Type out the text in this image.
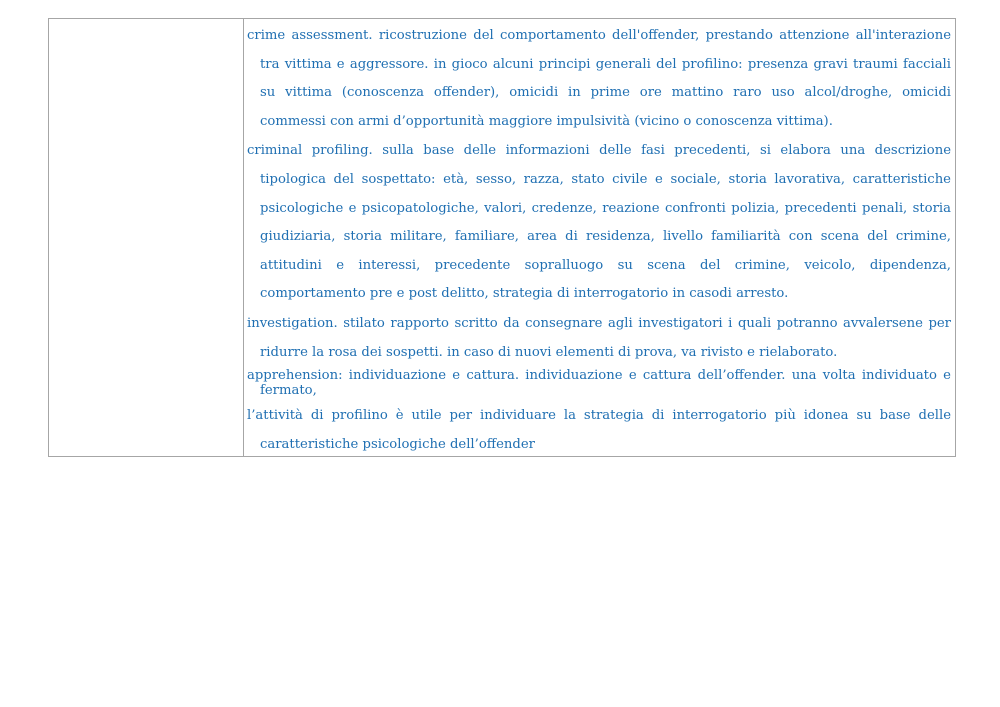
crime assessment. ricostruzione del comportamento dell'offender, prestando attenzione all'interazione tra vittima e aggressore. in gioco alcuni principi generali del profilino: presenza gravi traumi facciali su vittima (conoscenza offender), omicidi in prime ore mattino raro uso alcol/droghe, omicidi commessi con armi d’opportunità maggiore impulsività (vicino o conoscenza vittima).

criminal profiling. sulla base delle informazioni delle fasi precedenti, si elabora una descrizione tipologica del sospettato: età, sesso, razza, stato civile e sociale, storia lavorativa, caratteristiche psicologiche e psicopatologiche, valori, credenze, reazione confronti polizia, precedenti penali, storia giudiziaria, storia militare, familiare, area di residenza, livello familiarità con scena del crimine, attitudini e interessi, precedente sopralluogo su scena del crimine, veicolo, dipendenza, comportamento pre e post delitto, strategia di interrogatorio in casodi arresto.

investigation. stilato rapporto scritto da consegnare agli investigatori i quali potranno avvalersene per ridurre la rosa dei sospetti. in caso di nuovi elementi di prova, va rivisto e rielaborato.

apprehension: individuazione e cattura. individuazione e cattura dell’offender. una volta individuato e fermato,

l’attività di profilino è utile per individuare la strategia di interrogatorio più idonea su base delle caratteristiche psicologiche dell’offender
